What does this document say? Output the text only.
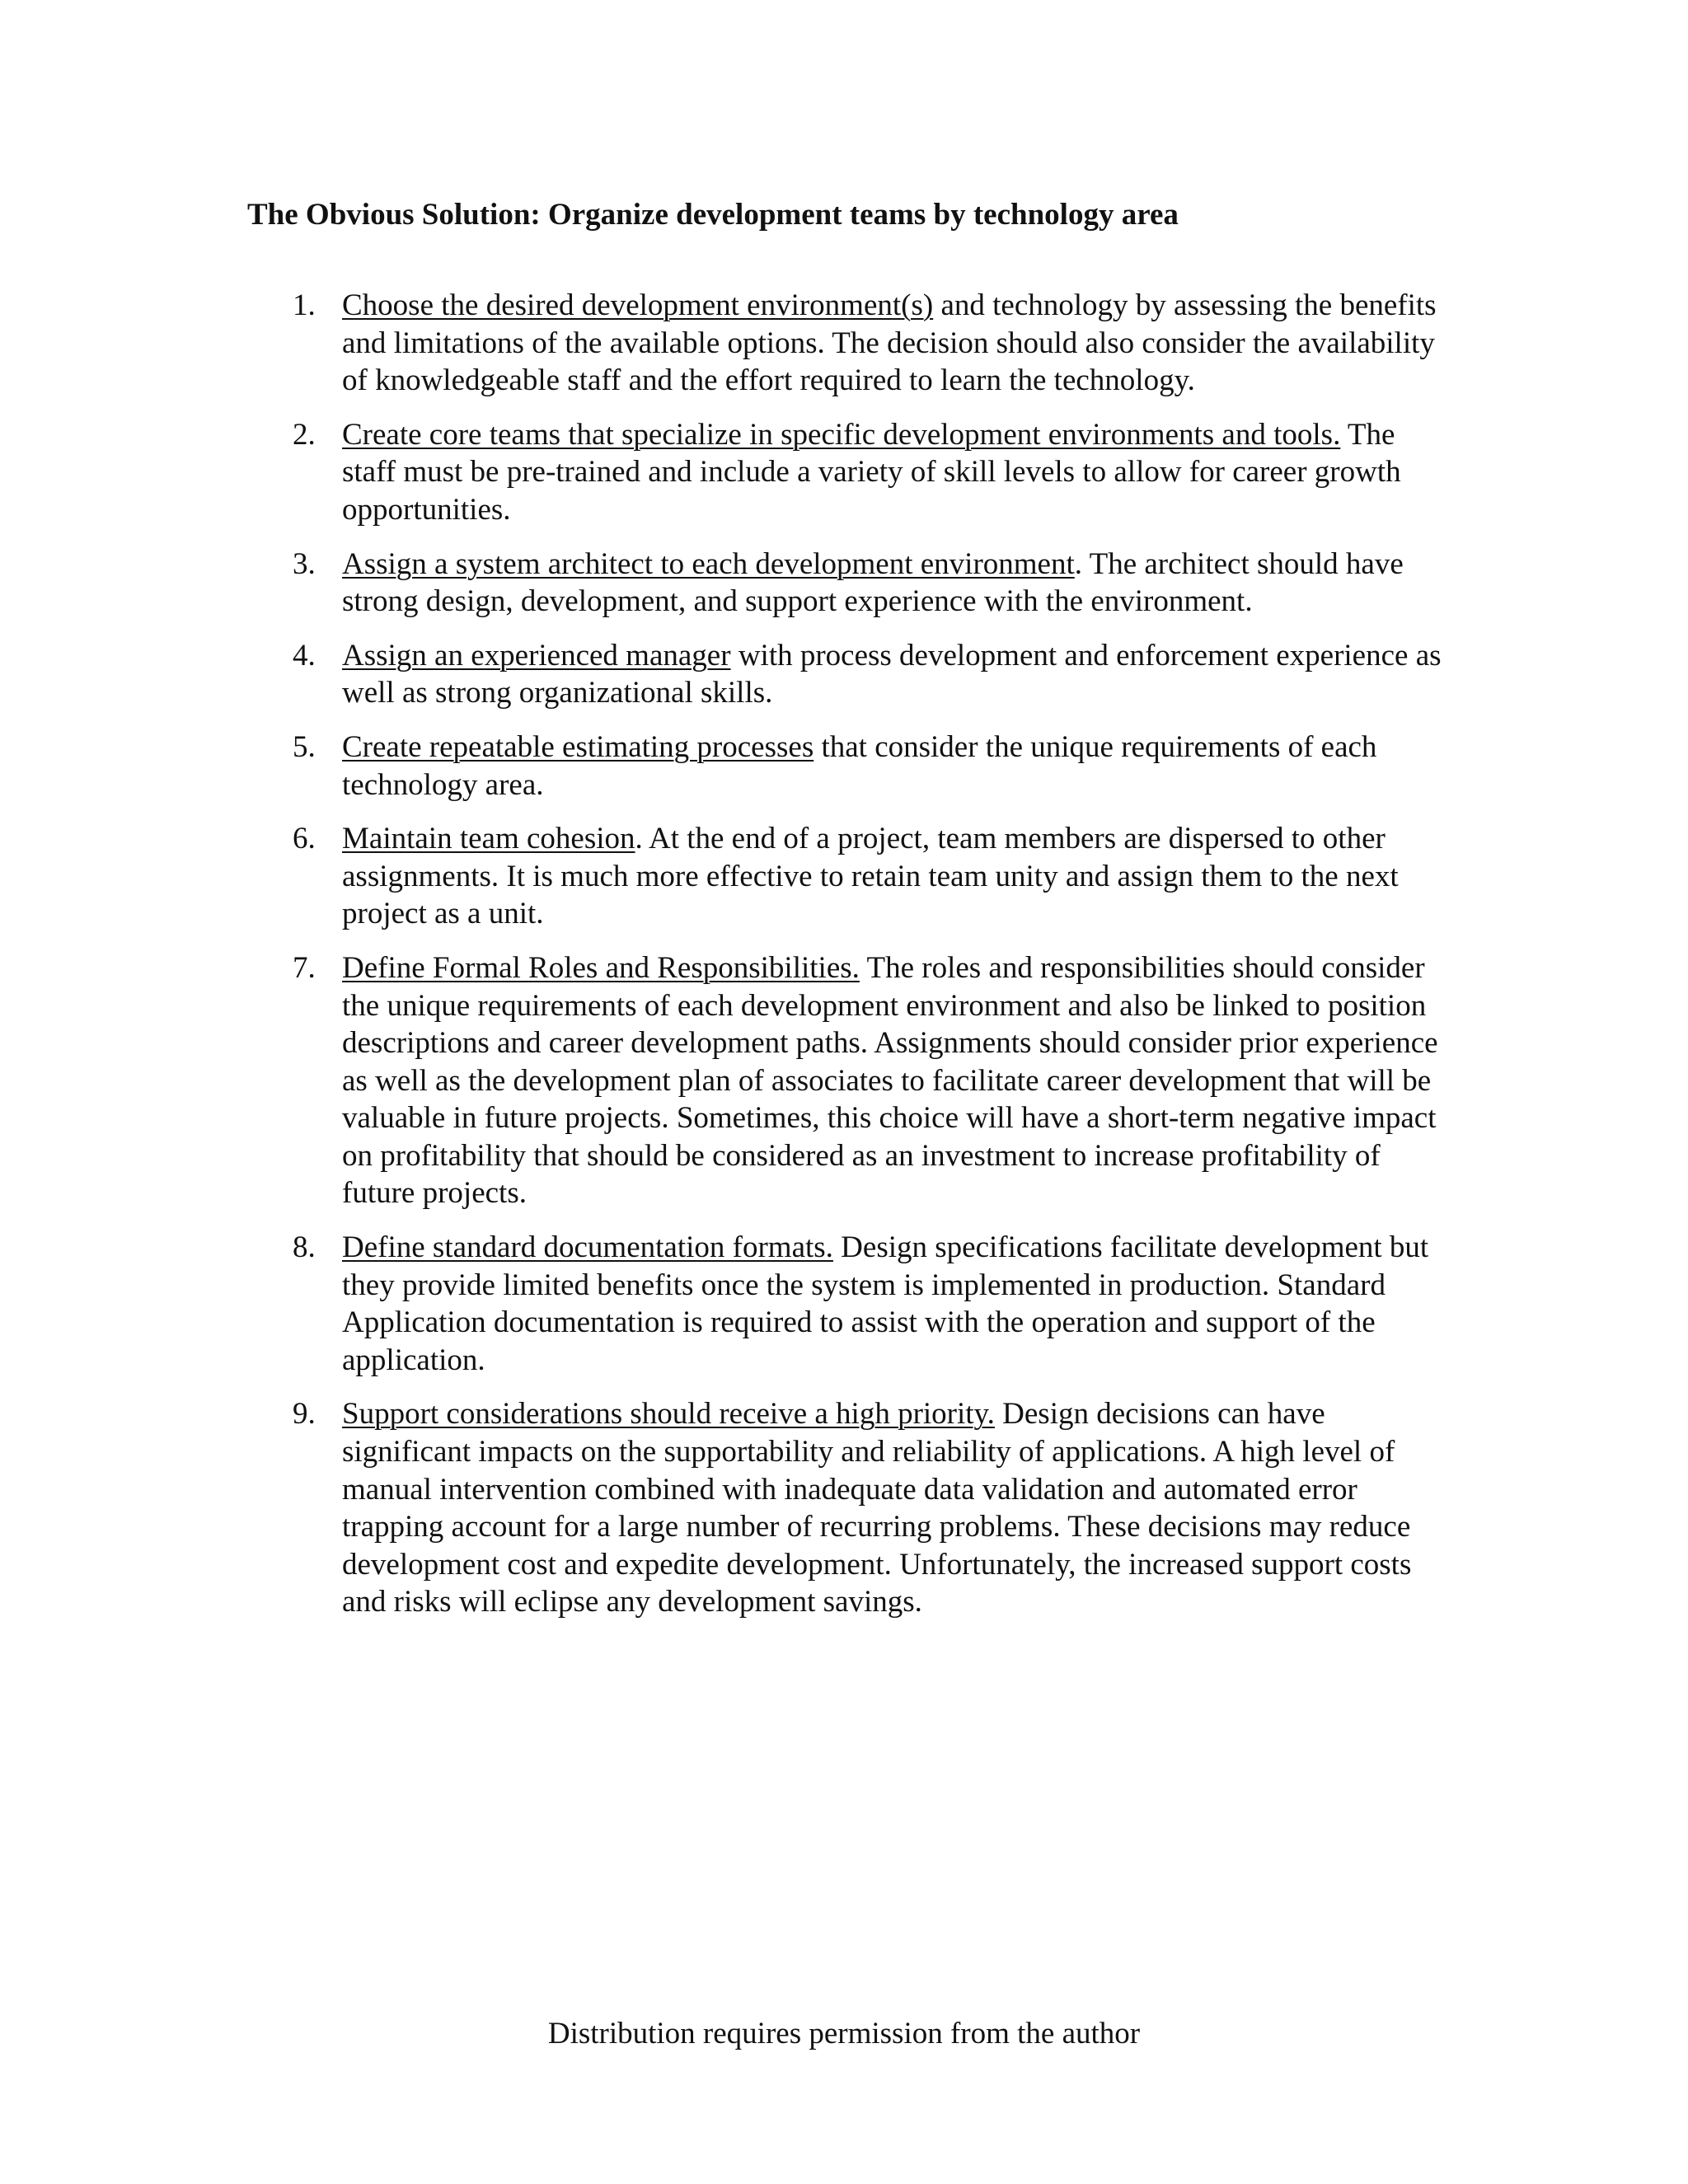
The Obvious Solution: Organize development teams by technology area
1. Choose the desired development environment(s) and technology by assessing the benefits and limitations of the available options. The decision should also consider the availability of knowledgeable staff and the effort required to learn the technology.
2. Create core teams that specialize in specific development environments and tools. The staff must be pre-trained and include a variety of skill levels to allow for career growth opportunities.
3. Assign a system architect to each development environment. The architect should have strong design, development, and support experience with the environment.
4. Assign an experienced manager with process development and enforcement experience as well as strong organizational skills.
5. Create repeatable estimating processes that consider the unique requirements of each technology area.
6. Maintain team cohesion. At the end of a project, team members are dispersed to other assignments. It is much more effective to retain team unity and assign them to the next project as a unit.
7. Define Formal Roles and Responsibilities. The roles and responsibilities should consider the unique requirements of each development environment and also be linked to position descriptions and career development paths. Assignments should consider prior experience as well as the development plan of associates to facilitate career development that will be valuable in future projects. Sometimes, this choice will have a short-term negative impact on profitability that should be considered as an investment to increase profitability of future projects.
8. Define standard documentation formats. Design specifications facilitate development but they provide limited benefits once the system is implemented in production. Standard Application documentation is required to assist with the operation and support of the application.
9. Support considerations should receive a high priority. Design decisions can have significant impacts on the supportability and reliability of applications. A high level of manual intervention combined with inadequate data validation and automated error trapping account for a large number of recurring problems. These decisions may reduce development cost and expedite development. Unfortunately, the increased support costs and risks will eclipse any development savings.
Distribution requires permission from the author
